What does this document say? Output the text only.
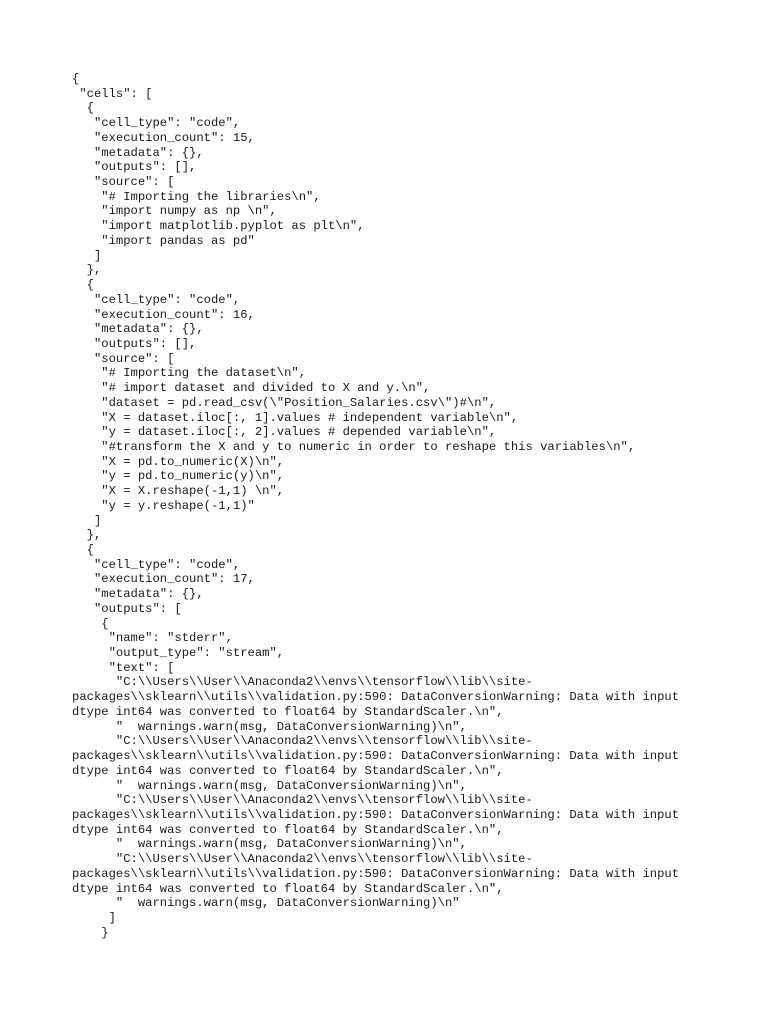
{
"cells": [
{
"cell_type": "code",
"execution_count": 15,
"metadata": {},
"outputs": [],
"source": [
"# Importing the libraries\n",
"import numpy as np \n",
"import matplotlib.pyplot as plt\n",
"import pandas as pd"
]
},
{
"cell_type": "code",
"execution_count": 16,
"metadata": {},
"outputs": [],
"source": [
"# Importing the dataset\n",
"# import dataset and divided to X and y.\n",
"dataset = pd.read_csv(\"Position_Salaries.csv\")#\n",
"X = dataset.iloc[:, 1].values # independent variable\n",
"y = dataset.iloc[:, 2].values # depended variable\n",
"#transform the X and y to numeric in order to reshape this variables\n",
"X = pd.to_numeric(X)\n",
"y = pd.to_numeric(y)\n",
"X = X.reshape(-1,1) \n",
"y = y.reshape(-1,1)"
]
},
{
"cell_type": "code",
"execution_count": 17,
"metadata": {},
"outputs": [
{
"name": "stderr",
"output_type": "stream",
"text": [
"C:\\Users\\User\\Anaconda2\\envs\\tensorflow\\lib\\site-
packages\\sklearn\\utils\\validation.py:590: DataConversionWarning: Data with input
dtype int64 was converted to float64 by StandardScaler.\n",
"  warnings.warn(msg, DataConversionWarning)\n",
"C:\\Users\\User\\Anaconda2\\envs\\tensorflow\\lib\\site-
packages\\sklearn\\utils\\validation.py:590: DataConversionWarning: Data with input
dtype int64 was converted to float64 by StandardScaler.\n",
"  warnings.warn(msg, DataConversionWarning)\n",
"C:\\Users\\User\\Anaconda2\\envs\\tensorflow\\lib\\site-
packages\\sklearn\\utils\\validation.py:590: DataConversionWarning: Data with input
dtype int64 was converted to float64 by StandardScaler.\n",
"  warnings.warn(msg, DataConversionWarning)\n",
"C:\\Users\\User\\Anaconda2\\envs\\tensorflow\\lib\\site-
packages\\sklearn\\utils\\validation.py:590: DataConversionWarning: Data with input
dtype int64 was converted to float64 by StandardScaler.\n",
"  warnings.warn(msg, DataConversionWarning)\n"
]
}
